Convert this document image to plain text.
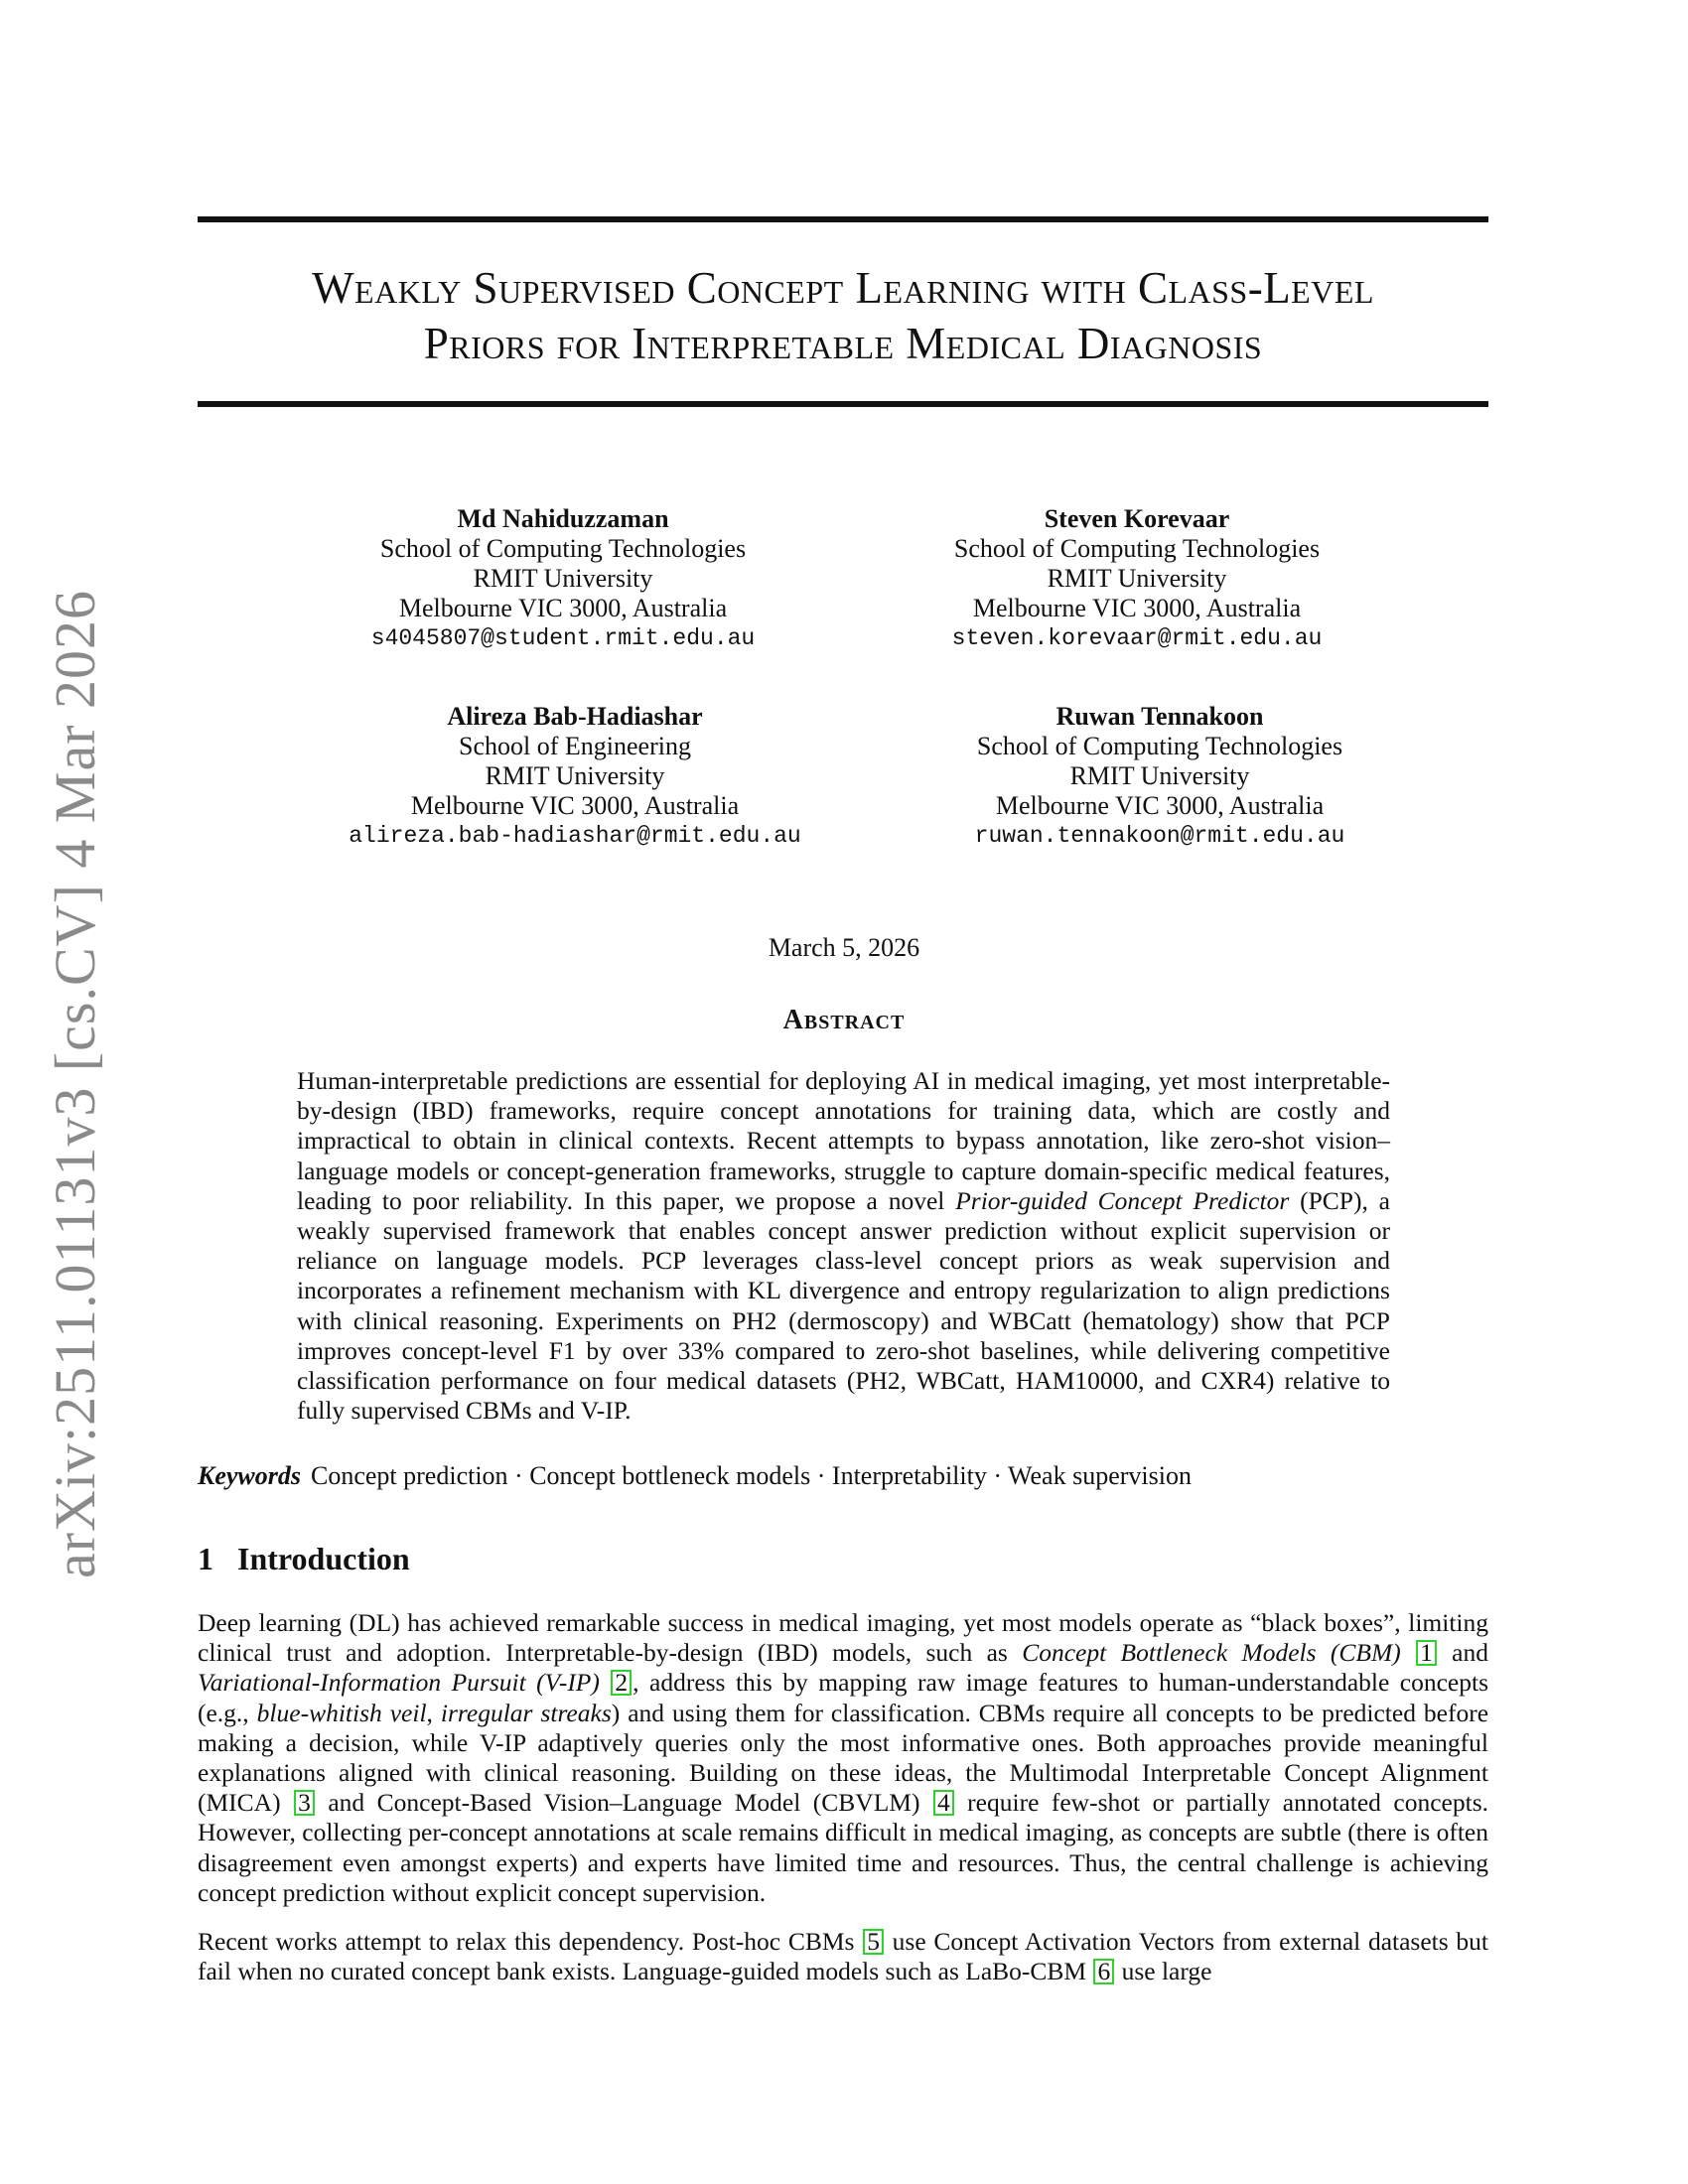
arXiv:2511.01131v3 [cs.CV] 4 Mar 2026
Weakly Supervised Concept Learning with Class-Level
Priors for Interpretable Medical Diagnosis
Md Nahiduzzaman
School of Computing Technologies
RMIT University
Melbourne VIC 3000, Australia
s4045807@student.rmit.edu.au
Steven Korevaar
School of Computing Technologies
RMIT University
Melbourne VIC 3000, Australia
steven.korevaar@rmit.edu.au
Alireza Bab-Hadiashar
School of Engineering
RMIT University
Melbourne VIC 3000, Australia
alireza.bab-hadiashar@rmit.edu.au
Ruwan Tennakoon
School of Computing Technologies
RMIT University
Melbourne VIC 3000, Australia
ruwan.tennakoon@rmit.edu.au
March 5, 2026
Abstract

Human-interpretable predictions are essential for deploying AI in medical imaging, yet most interpretable-by-design (IBD) frameworks, require concept annotations for training data, which are costly and impractical to obtain in clinical contexts. Recent attempts to bypass annotation, like zero-shot vision–language models or concept-generation frameworks, struggle to capture domain-specific medical features, leading to poor reliability. In this paper, we propose a novel Prior-guided Concept Predictor (PCP), a weakly supervised framework that enables concept answer prediction without explicit supervision or reliance on language models. PCP leverages class-level concept priors as weak supervision and incorporates a refinement mechanism with KL divergence and entropy regularization to align predictions with clinical reasoning. Experiments on PH2 (dermoscopy) and WBCatt (hematology) show that PCP improves concept-level F1 by over 33% compared to zero-shot baselines, while delivering competitive classification performance on four medical datasets (PH2, WBCatt, HAM10000, and CXR4) relative to fully supervised CBMs and V-IP.

Keywords Concept prediction · Concept bottleneck models · Interpretability · Weak supervision
1 Introduction

Deep learning (DL) has achieved remarkable success in medical imaging, yet most models operate as “black boxes”, limiting clinical trust and adoption. Interpretable-by-design (IBD) models, such as Concept Bottleneck Models (CBM) 1 and Variational-Information Pursuit (V-IP) 2 , address this by mapping raw image features to human-understandable concepts (e.g., blue-whitish veil, irregular streaks) and using them for classification. CBMs require all concepts to be predicted before making a decision, while V-IP adaptively queries only the most informative ones. Both approaches provide meaningful explanations aligned with clinical reasoning. Building on these ideas, the Multimodal Interpretable Concept Alignment (MICA) 3 and Concept-Based Vision–Language Model (CBVLM) 4 require few-shot or partially annotated concepts. However, collecting per-concept annotations at scale remains difficult in medical imaging, as concepts are subtle (there is often disagreement even amongst experts) and experts have limited time and resources. Thus, the central challenge is achieving concept prediction without explicit concept supervision.

Recent works attempt to relax this dependency. Post-hoc CBMs 5 use Concept Activation Vectors from external datasets but fail when no curated concept bank exists. Language-guided models such as LaBo-CBM 6 use large
